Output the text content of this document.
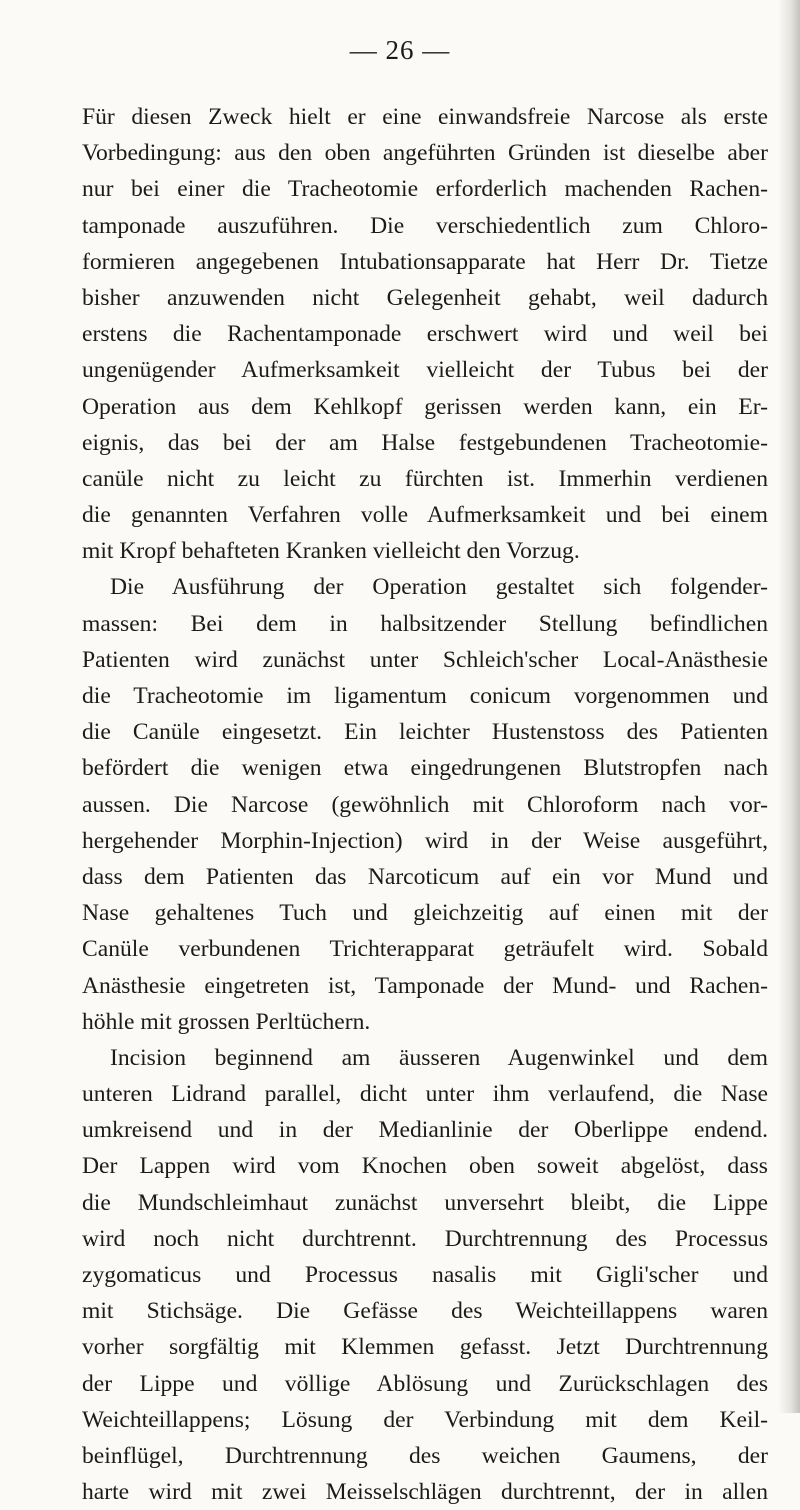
— 26 —
Für diesen Zweck hielt er eine einwandsfreie Narcose als erste
Vorbedingung: aus den oben angeführten Gründen ist dieselbe aber
nur bei einer die Tracheotomie erforderlich machenden Rachen-
tamponade auszuführen. Die verschiedentlich zum Chloro-
formieren angegebenen Intubationsapparate hat Herr Dr. Tietze
bisher anzuwenden nicht Gelegenheit gehabt, weil dadurch
erstens die Rachentamponade erschwert wird und weil bei
ungenügender Aufmerksamkeit vielleicht der Tubus bei der
Operation aus dem Kehlkopf gerissen werden kann, ein Er-
eignis, das bei der am Halse festgebundenen Tracheotomie-
canüle nicht zu leicht zu fürchten ist. Immerhin verdienen
die genannten Verfahren volle Aufmerksamkeit und bei einem
mit Kropf behafteten Kranken vielleicht den Vorzug.
Die Ausführung der Operation gestaltet sich folgender-
massen: Bei dem in halbsitzender Stellung befindlichen
Patienten wird zunächst unter Schleich'scher Local-Anästhesie
die Tracheotomie im ligamentum conicum vorgenommen und
die Canüle eingesetzt. Ein leichter Hustenstoss des Patienten
befördert die wenigen etwa eingedrungenen Blutstropfen nach
aussen. Die Narcose (gewöhnlich mit Chloroform nach vor-
hergehender Morphin-Injection) wird in der Weise ausgeführt,
dass dem Patienten das Narcoticum auf ein vor Mund und
Nase gehaltenes Tuch und gleichzeitig auf einen mit der
Canüle verbundenen Trichterapparat geträufelt wird. Sobald
Anästhesie eingetreten ist, Tamponade der Mund- und Rachen-
höhle mit grossen Perltüchern.
Incision beginnend am äusseren Augenwinkel und dem
unteren Lidrand parallel, dicht unter ihm verlaufend, die Nase
umkreisend und in der Medianlinie der Oberlippe endend.
Der Lappen wird vom Knochen oben soweit abgelöst, dass
die Mundschleimhaut zunächst unversehrt bleibt, die Lippe
wird noch nicht durchtrennt. Durchtrennung des Processus
zygomaticus und Processus nasalis mit Gigli'scher und
mit Stichsäge. Die Gefässe des Weichteillappens waren
vorher sorgfältig mit Klemmen gefasst. Jetzt Durchtrennung
der Lippe und völlige Ablösung und Zurückschlagen des
Weichteillappens; Lösung der Verbindung mit dem Keil-
beinflügel, Durchtrennung des weichen Gaumens, der
harte wird mit zwei Meisselschlägen durchtrennt, der in allen
